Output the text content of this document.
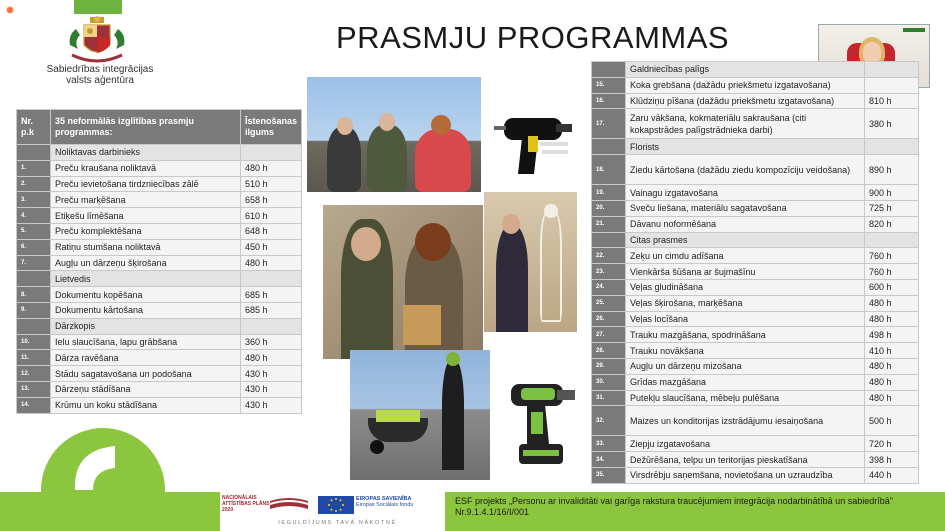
Sabiedrības integrācijas
valsts aģentūra
PRASMJU PROGRAMMAS
Nr. p.k	35 neformālās izglītības prasmju programmas:	Īstenošanas ilgums
	Noliktavas darbinieks	
1.	Preču kraušana noliktavā	480 h
2.	Preču ievietošana tirdzniecības zālē	510 h
3.	Preču marķēšana	658 h
4.	Etiķešu līmēšana	610 h
5.	Preču komplektēšana	648 h
6.	Ratiņu stumšana noliktavā	450 h
7.	Augļu un dārzeņu šķirošana	480 h
	Lietvedis	
8.	Dokumentu kopēšana	685 h
9.	Dokumentu kārtošana	685 h
	Dārzkopis	
10.	Ielu slaucīšana, lapu grābšana	360 h
11.	Dārza ravēšana	480 h
12.	Stādu sagatavošana un podošana	430 h
13.	Dārzeņu stādīšana	430 h
14.	Krūmu un koku stādīšana	430 h
	Galdniecības palīgs	
15.	Koka grebšana (dažādu priekšmetu izgatavošana)	
16.	Klūdziņu pīšana (dažādu priekšmetu izgatavošana)	810 h
17.	Zaru vākšana, kokmateriālu sakraušana (citi kokapstrādes palīgstrādnieka darbi)	380 h
	Florists	
18.	Ziedu kārtošana (dažādu ziedu kompozīciju veidošana)	890 h
19.	Vainagu izgatavošana	900 h
20.	Sveču liešana, materiālu sagatavošana	725 h
21.	Dāvanu noformēšana	820 h
	Citas prasmes	
22.	Zeķu un cimdu adīšana	760 h
23.	Vienkārša šūšana ar šujmašīnu	760 h
24.	Veļas gludināšana	600 h
25.	Veļas šķirošana, marķēšana	480 h
26.	Veļas locīšana	480 h
27.	Trauku mazgāšana, spodrināšana	498 h
28.	Trauku novākšana	410 h
29.	Augļu un dārzeņu mizošana	480 h
30.	Grīdas mazgāšana	480 h
31.	Putekļu slaucīšana, mēbeļu pulēšana	480 h
32.	Maizes un konditorijas izstrādājumu iesaiņošana	500 h
33.	Ziepju izgatavošana	720 h
34.	Dežūrēšana, telpu un teritorijas pieskatīšana	398 h
35.	Virsdrēbju saņemšana, novietošana un uzraudzība	440 h
NACIONĀLAIS ATTĪSTĪBAS PLĀNS 2020
EIROPAS SAVIENĪBA
Eiropas Sociālais fonds
IEGULDĪJUMS TAVĀ NĀKOTNĒ
ESF projekts „Personu ar invaliditāti vai garīga rakstura traucējumiem integrācija nodarbinātībā un sabiedrībā"
Nr.9.1.4.1/16/I/001
